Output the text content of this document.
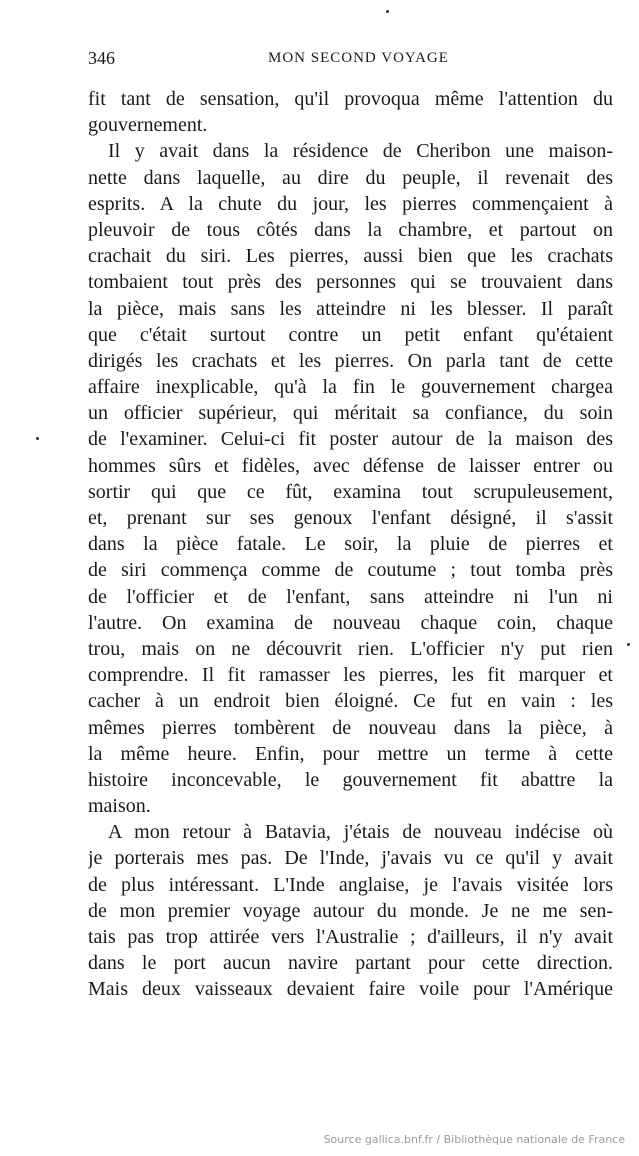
346	MON SECOND VOYAGE
fit tant de sensation, qu'il provoqua même l'attention du
gouvernement.
Il y avait dans la résidence de Cheribon une maison-
nette dans laquelle, au dire du peuple, il revenait des
esprits. A la chute du jour, les pierres commençaient à
pleuvoir de tous côtés dans la chambre, et partout on
crachait du siri. Les pierres, aussi bien que les crachats
tombaient tout près des personnes qui se trouvaient dans
la pièce, mais sans les atteindre ni les blesser. Il paraît
que c'était surtout contre un petit enfant qu'étaient
dirigés les crachats et les pierres. On parla tant de cette
affaire inexplicable, qu'à la fin le gouvernement chargea
un officier supérieur, qui méritait sa confiance, du soin
de l'examiner. Celui-ci fit poster autour de la maison des
hommes sûrs et fidèles, avec défense de laisser entrer ou
sortir qui que ce fût, examina tout scrupuleusement,
et, prenant sur ses genoux l'enfant désigné, il s'assit
dans la pièce fatale. Le soir, la pluie de pierres et
de siri commença comme de coutume ; tout tomba près
de l'officier et de l'enfant, sans atteindre ni l'un ni
l'autre. On examina de nouveau chaque coin, chaque
trou, mais on ne découvrit rien. L'officier n'y put rien
comprendre. Il fit ramasser les pierres, les fit marquer et
cacher à un endroit bien éloigné. Ce fut en vain : les
mêmes pierres tombèrent de nouveau dans la pièce, à
la même heure. Enfin, pour mettre un terme à cette
histoire inconcevable, le gouvernement fit abattre la
maison.
A mon retour à Batavia, j'étais de nouveau indécise où
je porterais mes pas. De l'Inde, j'avais vu ce qu'il y avait
de plus intéressant. L'Inde anglaise, je l'avais visitée lors
de mon premier voyage autour du monde. Je ne me sen-
tais pas trop attirée vers l'Australie ; d'ailleurs, il n'y avait
dans le port aucun navire partant pour cette direction.
Mais deux vaisseaux devaient faire voile pour l'Amérique
Source gallica.bnf.fr / Bibliothèque nationale de France
